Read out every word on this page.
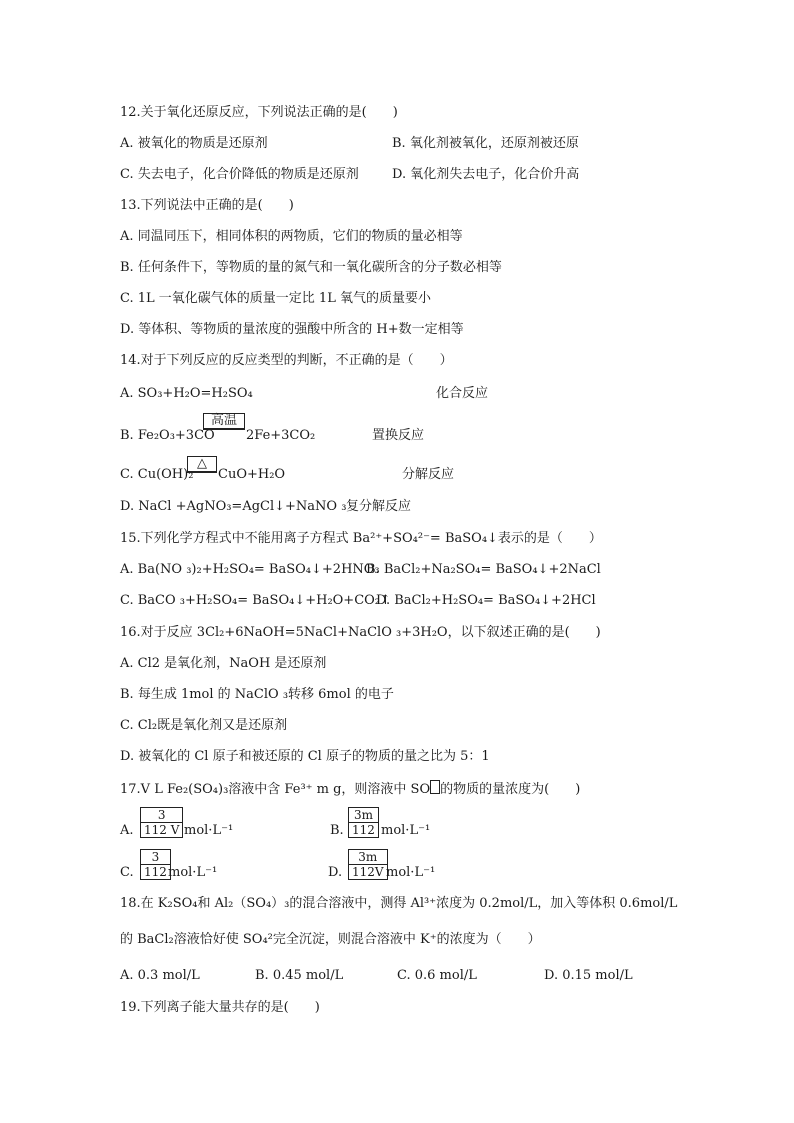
12.关于氧化还原反应，下列说法正确的是(　　)
A. 被氧化的物质是还原剂	B. 氧化剂被氧化，还原剂被还原
C. 失去电子，化合价降低的物质是还原剂	D. 氧化剂失去电子，化合价升高
13.下列说法中正确的是(　　)
A. 同温同压下，相同体积的两物质，它们的物质的量必相等
B. 任何条件下，等物质的量的氮气和一氧化碳所含的分子数必相等
C. 1L 一氧化碳气体的质量一定比 1L 氧气的质量要小
D. 等体积、等物质的量浓度的强酸中所含的 H+数一定相等
14.对于下列反应的反应类型的判断，不正确的是（　　）
A. SO₃+H₂O=H₂SO₄	化合反应
B. Fe₂O₃+3CO
高温
2Fe+3CO₂	置换反应
C. Cu(OH)₂
△
CuO+H₂O	分解反应
D. NaCl +AgNO₃=AgCl↓+NaNO ₃ 复分解反应
15.下列化学方程式中不能用离子方程式 Ba²⁺+SO₄²⁻= BaSO₄↓表示的是（　　）
A. Ba(NO ₃)₂+H₂SO₄= BaSO₄↓+2HNO₃
B. BaCl₂+Na₂SO₄= BaSO₄↓+2NaCl
C. BaCO ₃+H₂SO₄= BaSO₄↓+H₂O+CO₂↑
D. BaCl₂+H₂SO₄= BaSO₄↓+2HCl
16.对于反应 3Cl₂+6NaOH=5NaCl+NaClO ₃+3H₂O，以下叙述正确的是(　　)
A. Cl2 是氧化剂，NaOH 是还原剂
B. 每生成 1mol 的 NaClO ₃转移 6mol 的电子
C. Cl₂既是氧化剂又是还原剂
D. 被氧化的 Cl 原子和被还原的 Cl 原子的物质的量之比为 5：1
17.V L Fe₂(SO₄)₃溶液中含 Fe³⁺ m g，则溶液中 SO 的物质的量浓度为(　　)
A. $\frac{3}{112 V} mol\cdot L^{-1}$	B. $\frac{3m}{112} mol\cdot L^{-1}$
C. $\frac{3}{112}$
mol·L⁻¹	D. $\frac{3m}{112V}$
mol·L⁻¹
18.在 K₂SO₄和 Al₂（SO₄）₃的混合溶液中，测得 Al³⁺浓度为 0.2mol/L，加入等体积 0.6mol/L
的 BaCl₂溶液恰好使 SO₄²完全沉淀，则混合溶液中 K⁺的浓度为（　　）
A. 0.3 mol/L	B. 0.45 mol/L	C. 0.6 mol/L	D. 0.15 mol/L
19.下列离子能大量共存的是(　　)
